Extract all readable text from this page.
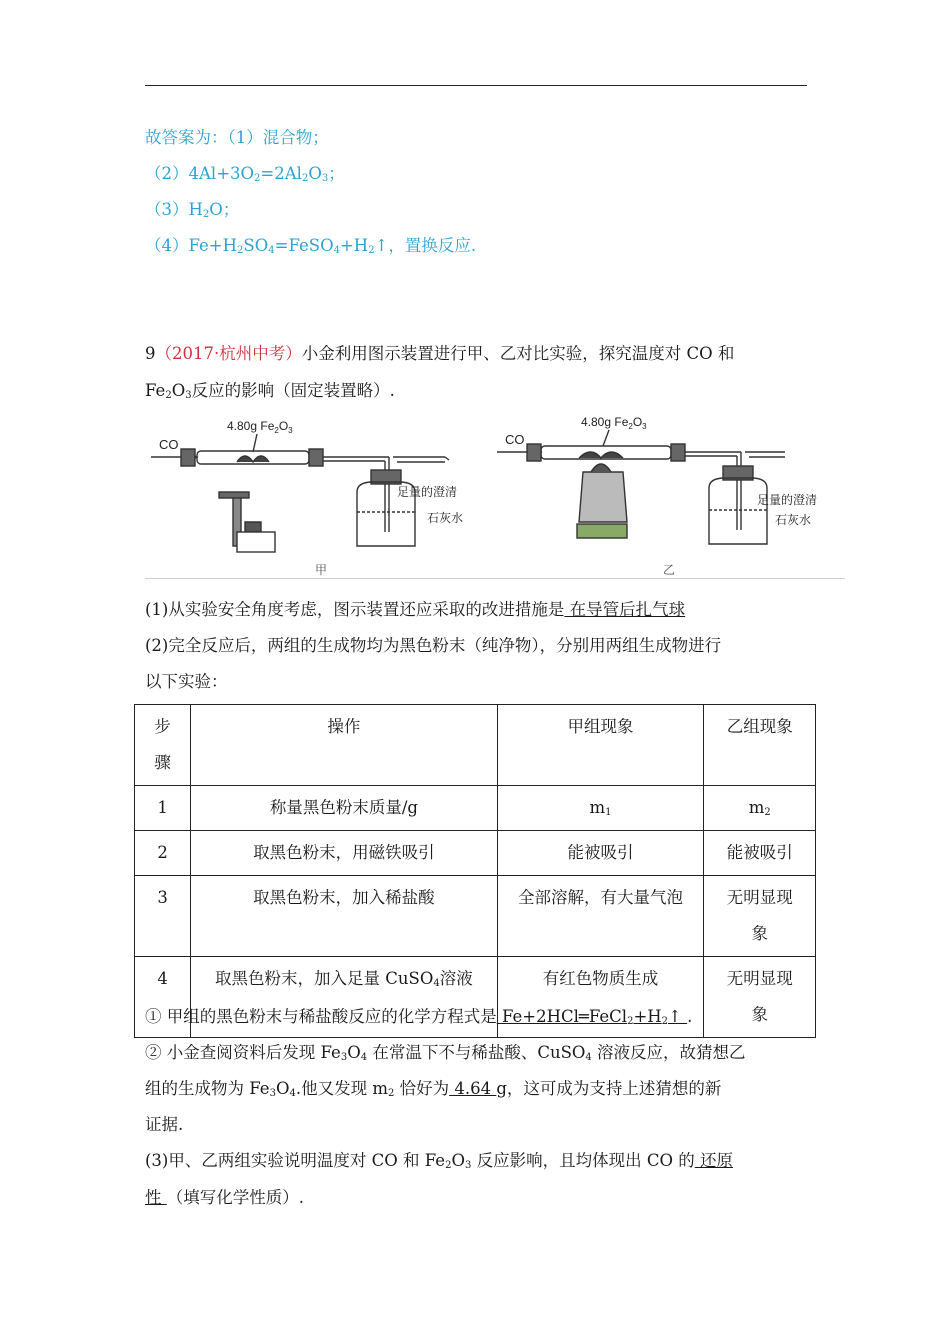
故答案为：（1）混合物；
$(2)4Al+3O_2=2Al_2O_3$；
$(3)H_2O$；
$(4)Fe+H_2SO_4=FeSO_4+H_2↑$，置换反应.
9（2017·杭州中考）小金利用图示装置进行甲、乙对比实验，探究温度对 CO 和
$Fe_2O_3$反应的影响（固定装置略）.
CO
4.80g $Fe_2O_3$
足量的澄清
石灰水
甲
CO
4.80g $Fe_2O_3$
足量的澄清
石灰水
乙
(1)从实验安全角度考虑，图示装置还应采取的改进措施是 在导管后扎气球
(2)完全反应后，两组的生成物均为黑色粉末（纯净物），分别用两组生成物进行
以下实验：
步
骤	操作	甲组现象	乙组现象
1	称量黑色粉末质量/g	$m_1$	$m_2$
2	取黑色粉末，用磁铁吸引	能被吸引	能被吸引
3	取黑色粉末，加入稀盐酸	全部溶解，有大量气泡	无明显现
象
4	取黑色粉末，加入足量 CuSO$_4$溶液	有红色物质生成	无明显现
象
① 甲组的黑色粉末与稀盐酸反应的化学方程式是 $Fe+2HCl═FeCl_2+H_2↑$ .
② 小金查阅资料后发现 $Fe_3O_4$ 在常温下不与稀盐酸、CuSO$_4$ 溶液反应，故猜想乙
组的生成物为 $Fe_3O_4$.他又发现 $m_2$ 恰好为 4.64 g，这可成为支持上述猜想的新
证据.
(3)甲、乙两组实验说明温度对 CO 和 $Fe_2O_3$ 反应影响，且均体现出 CO 的 还原
性 （填写化学性质）.
